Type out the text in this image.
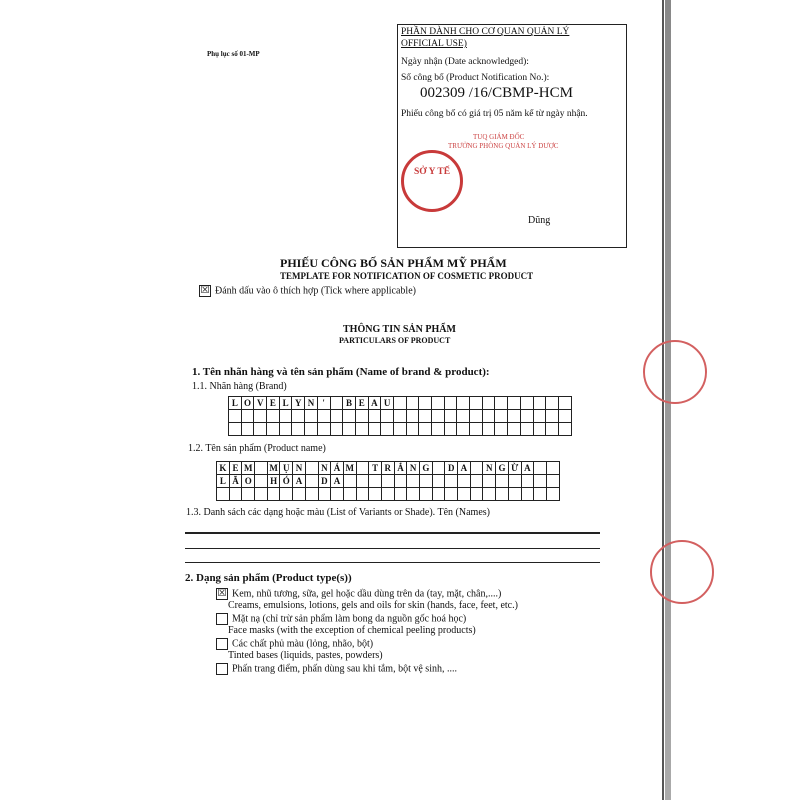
Phụ lục số 01-MP
PHẦN DÀNH CHO CƠ QUAN QUẢN LÝ
OFFICIAL USE)
Ngày nhận (Date acknowledged):
Số công bố (Product Notification No.):
002309 /16/CBMP-HCM
Phiếu công bố có giá trị 05 năm kể từ ngày nhận.
TUQ GIÁM ĐỐC
TRƯỞNG PHÒNG QUẢN LÝ DƯỢC
SỞ Y TẾ
Dũng
PHIẾU CÔNG BỐ SẢN PHẨM MỸ PHẨM
TEMPLATE FOR NOTIFICATION OF COSMETIC PRODUCT
☒ Đánh dấu vào ô thích hợp (Tick where applicable)
THÔNG TIN SẢN PHẨM
PARTICULARS OF PRODUCT
1. Tên nhãn hàng và tên sản phẩm (Name of brand & product):
1.1. Nhãn hàng (Brand)
L O V E L Y N '	B E A U
1.2. Tên sản phẩm (Product name)
K E M M Ụ N	N Á M	T R Ắ N G	D A	N G Ừ A
L Ã O	H Ó A	D A
1.3. Danh sách các dạng hoặc màu (List of Variants or Shade). Tên (Names)
2. Dạng sản phẩm (Product type(s))
☒ Kem, nhũ tương, sữa, gel hoặc dầu dùng trên da (tay, mặt, chân,....)
Creams, emulsions, lotions, gels and oils for skin (hands, face, feet, etc.)
Mặt nạ (chỉ trừ sản phẩm làm bong da nguồn gốc hoá học)
Face masks (with the exception of chemical peeling products)
Các chất phủ màu (lỏng, nhão, bột)
Tinted bases (liquids, pastes, powders)
Phấn trang điểm, phấn dùng sau khi tắm, bột vệ sinh, ....
